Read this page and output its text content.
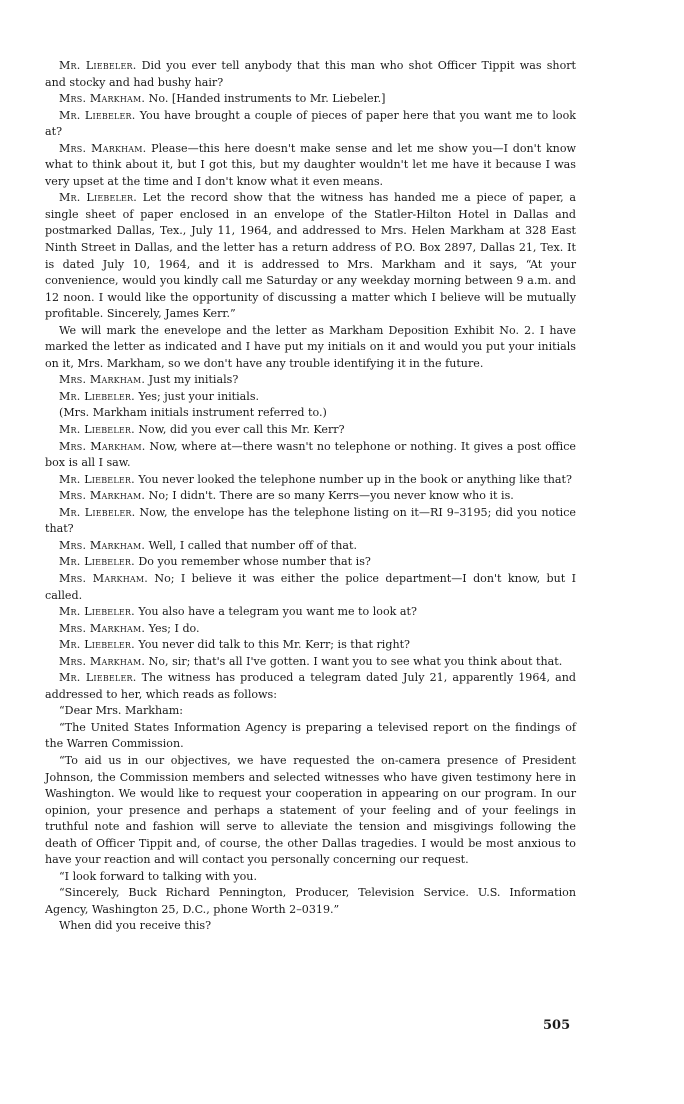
Mr. Liebeler. Did you ever tell anybody that this man who shot Officer Tippit was short and stocky and had bushy hair?

Mrs. Markham. No. [Handed instruments to Mr. Liebeler.]

Mr. Liebeler. You have brought a couple of pieces of paper here that you want me to look at?

Mrs. Markham. Please—this here doesn't make sense and let me show you—I don't know what to think about it, but I got this, but my daughter wouldn't let me have it because I was very upset at the time and I don't know what it even means.

Mr. Liebeler. Let the record show that the witness has handed me a piece of paper, a single sheet of paper enclosed in an envelope of the Statler-Hilton Hotel in Dallas and postmarked Dallas, Tex., July 11, 1964, and addressed to Mrs. Helen Markham at 328 East Ninth Street in Dallas, and the letter has a return address of P.O. Box 2897, Dallas 21, Tex. It is dated July 10, 1964, and it is addressed to Mrs. Markham and it says, “At your convenience, would you kindly call me Saturday or any weekday morning between 9 a.m. and 12 noon. I would like the opportunity of discussing a matter which I believe will be mutually profitable. Sincerely, James Kerr.”

We will mark the enevelope and the letter as Markham Deposition Exhibit No. 2. I have marked the letter as indicated and I have put my initials on it and would you put your initials on it, Mrs. Markham, so we don't have any trouble identifying it in the future.

Mrs. Markham. Just my initials?

Mr. Liebeler. Yes; just your initials.

(Mrs. Markham initials instrument referred to.)

Mr. Liebeler. Now, did you ever call this Mr. Kerr?

Mrs. Markham. Now, where at—there wasn't no telephone or nothing. It gives a post office box is all I saw.

Mr. Liebeler. You never looked the telephone number up in the book or anything like that?

Mrs. Markham. No; I didn't. There are so many Kerrs—you never know who it is.

Mr. Liebeler. Now, the envelope has the telephone listing on it—RI 9–3195; did you notice that?

Mrs. Markham. Well, I called that number off of that.

Mr. Liebeler. Do you remember whose number that is?

Mrs. Markham. No; I believe it was either the police department—I don't know, but I called.

Mr. Liebeler. You also have a telegram you want me to look at?

Mrs. Markham. Yes; I do.

Mr. Liebeler. You never did talk to this Mr. Kerr; is that right?

Mrs. Markham. No, sir; that's all I've gotten. I want you to see what you think about that.

Mr. Liebeler. The witness has produced a telegram dated July 21, apparently 1964, and addressed to her, which reads as follows:

“Dear Mrs. Markham:

“The United States Information Agency is preparing a televised report on the findings of the Warren Commission.

“To aid us in our objectives, we have requested the on-camera presence of President Johnson, the Commission members and selected witnesses who have given testimony here in Washington. We would like to request your cooperation in appearing on our program. In our opinion, your presence and perhaps a statement of your feeling and of your feelings in truthful note and fashion will serve to alleviate the tension and misgivings following the death of Officer Tippit and, of course, the other Dallas tragedies. I would be most anxious to have your reaction and will contact you personally concerning our request.

“I look forward to talking with you.

“Sincerely, Buck Richard Pennington, Producer, Television Service. U.S. Information Agency, Washington 25, D.C., phone Worth 2–0319.”

When did you receive this?

505
